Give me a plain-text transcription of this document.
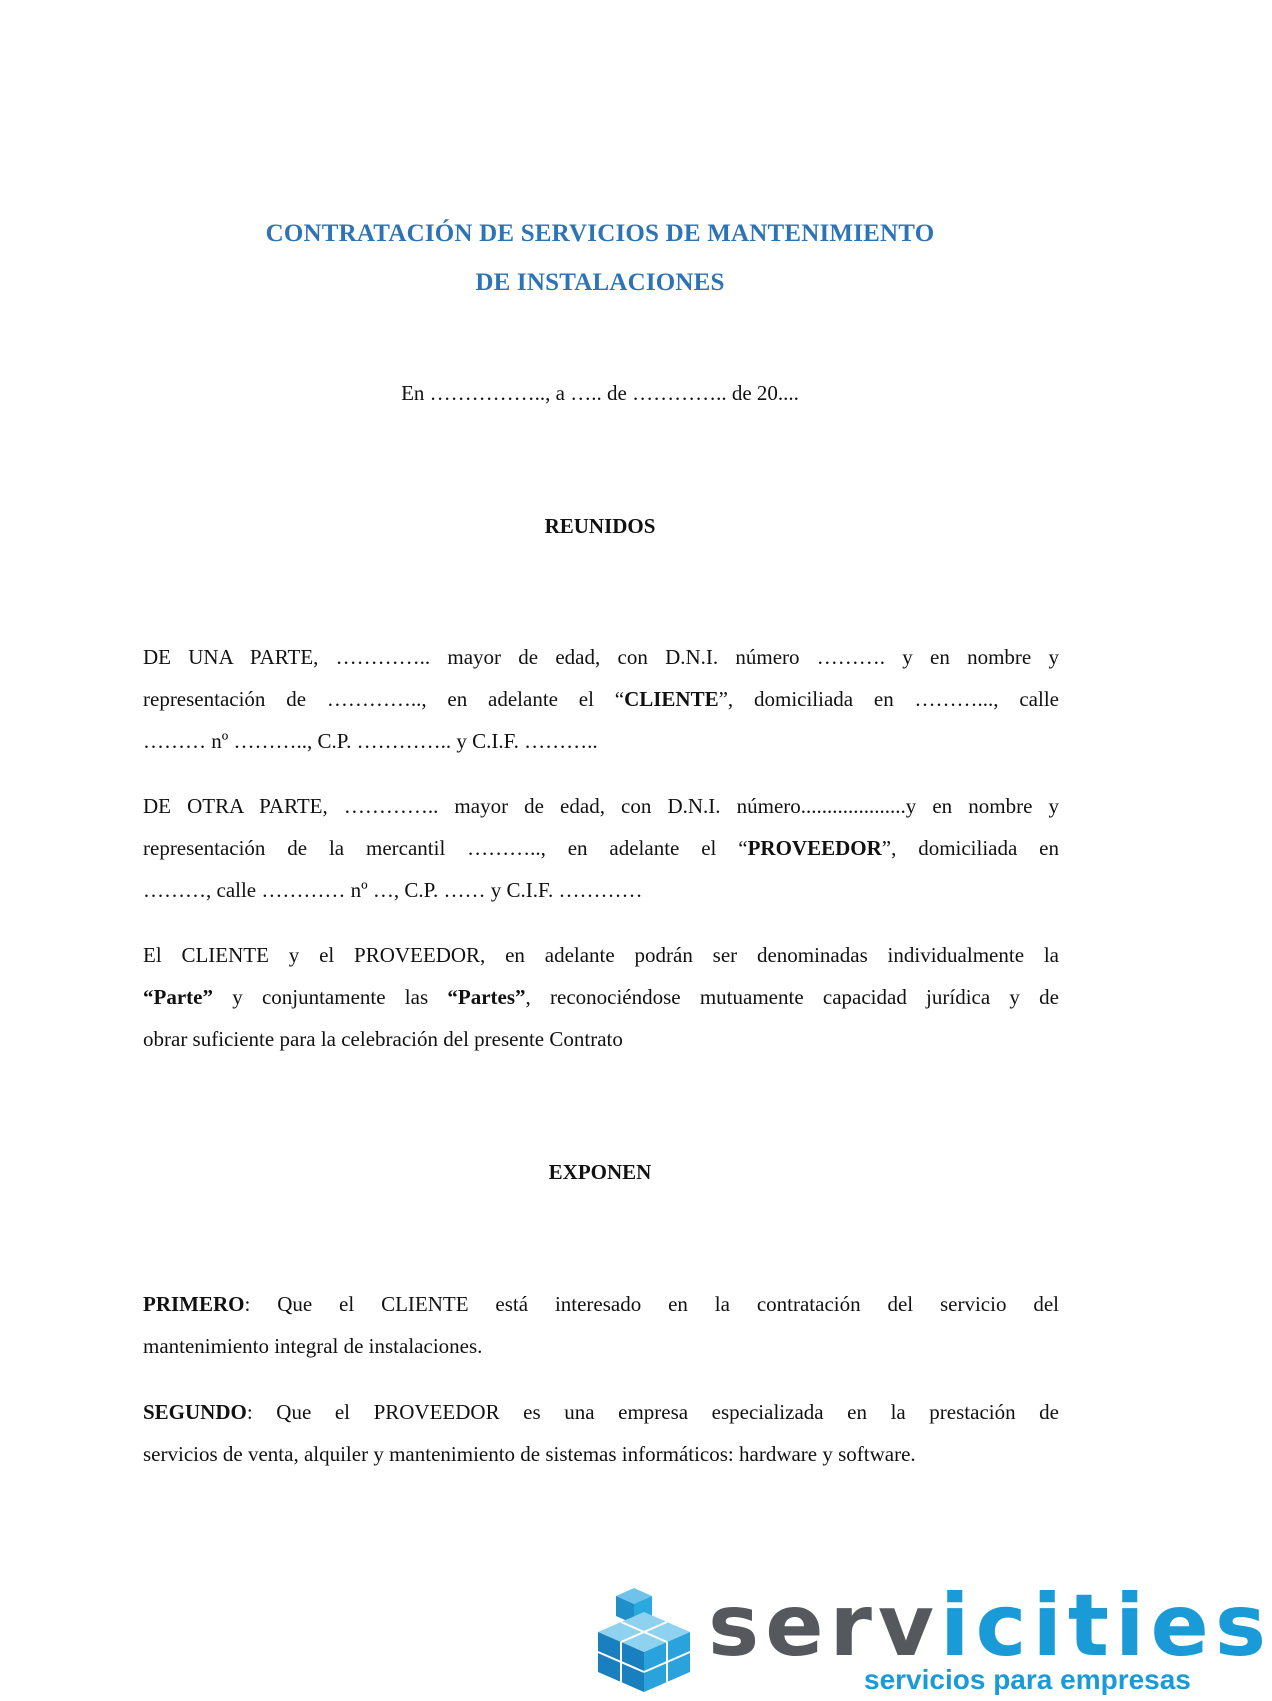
CONTRATACIÓN DE SERVICIOS DE MANTENIMIENTO
DE INSTALACIONES
En …………….., a ….. de ………….. de 20....
REUNIDOS
DE UNA PARTE, ………….. mayor de edad, con D.N.I. número ………. y en nombre y
representación de ………….., en adelante el “CLIENTE”, domiciliada en ………..., calle
……… nº ……….., C.P. ………….. y C.I.F. ………..
DE OTRA PARTE, ………….. mayor de edad, con D.N.I. número....................y en nombre y
representación de la mercantil ……….., en adelante el “PROVEEDOR”, domiciliada en
………, calle ………… nº …, C.P. …… y C.I.F. …………
El CLIENTE y el PROVEEDOR, en adelante podrán ser denominadas individualmente la
“Parte” y conjuntamente las “Partes”, reconociéndose mutuamente capacidad jurídica y de
obrar suficiente para la celebración del presente Contrato
EXPONEN
PRIMERO: Que el CLIENTE está interesado en la contratación del servicio del
mantenimiento integral de instalaciones.
SEGUNDO: Que el PROVEEDOR es una empresa especializada en la prestación de
servicios de venta, alquiler y mantenimiento de sistemas informáticos: hardware y software.
servicities
servicios para empresas
